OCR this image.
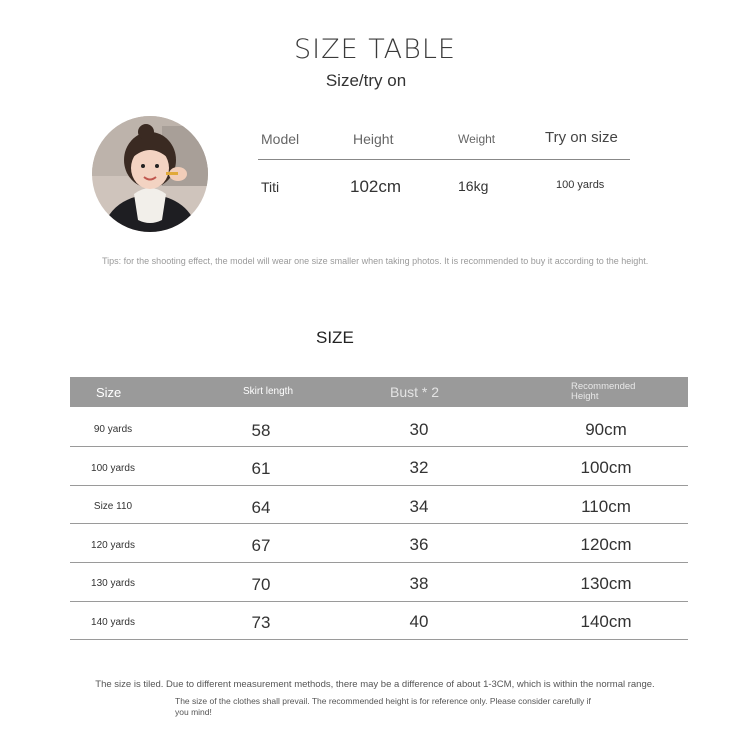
SIZE TABLE
Size/try on
Model	Height	Weight	Try on size
Titi	102cm	16kg	100 yards
Tips: for the shooting effect, the model will wear one size smaller when taking photos. It is recommended to buy it according to the height.
SIZE
Size	Skirt length	Bust * 2	Recommended Height
90 yards	58	30	90cm
100 yards	61	32	100cm
Size 110	64	34	110cm
120 yards	67	36	120cm
130 yards	70	38	130cm
140 yards	73	40	140cm
The size is tiled. Due to different measurement methods, there may be a difference of about 1-3CM, which is within the normal range.
The size of the clothes shall prevail. The recommended height is for reference only. Please consider carefully if you mind!
